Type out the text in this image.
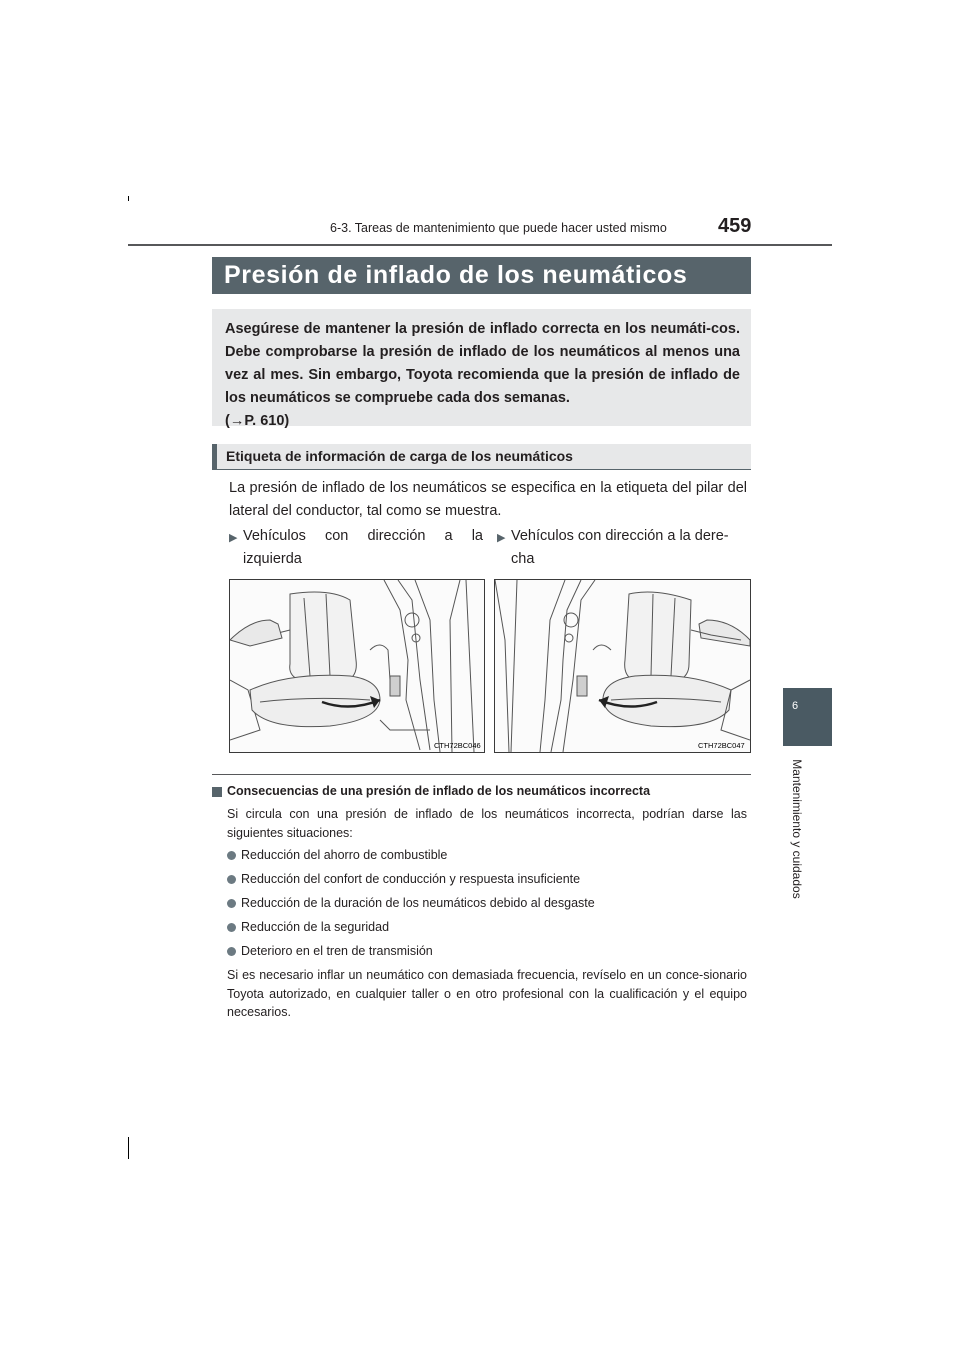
6-3. Tareas de mantenimiento que puede hacer usted mismo	459
6
Mantenimiento y cuidados
Presión de inflado de los neumáticos
Asegúrese de mantener la presión de inflado correcta en los neumáti-cos. Debe comprobarse la presión de inflado de los neumáticos al menos una vez al mes. Sin embargo, Toyota recomienda que la presión de inflado de los neumáticos se compruebe cada dos semanas.
(→P. 610)
Etiqueta de información de carga de los neumáticos
La presión de inflado de los neumáticos se especifica en la etiqueta del pilar del lateral del conductor, tal como se muestra.
▶ Vehículos con dirección a la
izquierda
▶ Vehículos con dirección a la dere-
cha
CTH72BC046	CTH72BC047
Consecuencias de una presión de inflado de los neumáticos incorrecta
Si circula con una presión de inflado de los neumáticos incorrecta, podrían darse las siguientes situaciones:
Reducción del ahorro de combustible
Reducción del confort de conducción y respuesta insuficiente
Reducción de la duración de los neumáticos debido al desgaste
Reducción de la seguridad
Deterioro en el tren de transmisión
Si es necesario inflar un neumático con demasiada frecuencia, revíselo en un conce-sionario Toyota autorizado, en cualquier taller o en otro profesional con la cualificación y el equipo necesarios.
